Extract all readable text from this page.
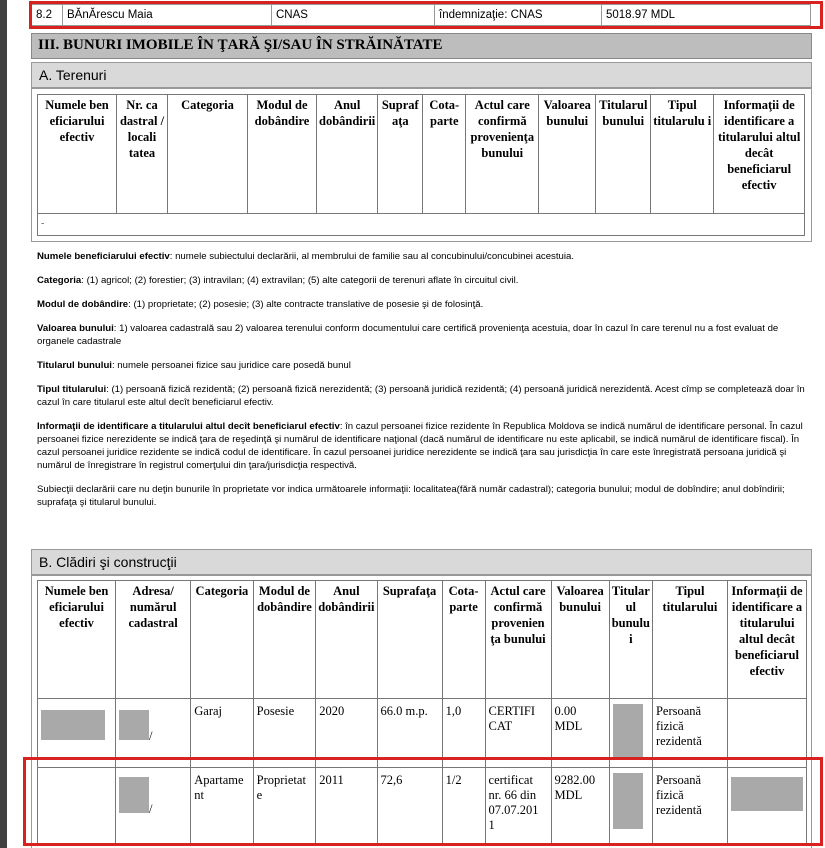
8.2	BĂnĂrescu Maia	CNAS	îndemnizaţie: CNAS	5018.97 MDL
III. BUNURI IMOBILE ÎN ŢARĂ ŞI/SAU ÎN STRĂINĂTATE
A. Terenuri
Numele ben eficiarului efectiv	Nr. ca dastral / locali tatea	Categoria	Modul de dobândire	Anul dobândirii	Supraf aţa	Cota-parte	Actul care confirmă provenienţa bunului	Valoarea bunului	Titularul bunului	Tipul titularulu i	Informaţii de identificare a titularului altul decât beneficiarul efectiv
-

Numele beneficiarului efectiv: numele subiectului declarării, al membrului de familie sau al concubinului/concubinei acestuia.

Categoria: (1) agricol; (2) forestier; (3) intravilan; (4) extravilan; (5) alte categorii de terenuri aflate în circuitul civil.

Modul de dobândire: (1) proprietate; (2) posesie; (3) alte contracte translative de posesie şi de folosinţă.

Valoarea bunului: 1) valoarea cadastrală sau 2) valoarea terenului conform documentului care certifică provenienţa acestuia, doar în cazul în care terenul nu a fost evaluat de organele cadastrale

Titularul bunului: numele persoanei fizice sau juridice care posedă bunul

Tipul titularului: (1) persoană fizică rezidentă; (2) persoană fizică nerezidentă; (3) persoană juridică rezidentă; (4) persoană juridică nerezidentă. Acest cîmp se completează doar în cazul în care titularul este altul decît beneficiarul efectiv.

Informaţii de identificare a titularului altul decît beneficiarul efectiv: în cazul persoanei fizice rezidente în Republica Moldova se indică numărul de identificare personal. În cazul persoanei fizice nerezidente se indică ţara de reşedinţă şi numărul de identificare naţional (dacă numărul de identificare nu este aplicabil, se indică numărul de identificare fiscal). În cazul persoanei juridice rezidente se indică codul de identificare. În cazul persoanei juridice nerezidente se indică ţara sau jurisdicţia în care este înregistrată persoana juridică şi numărul de înregistrare în registrul comerţului din ţara/jurisdicţia respectivă.

Subiecţii declarării care nu deţin bunurile în proprietate vor indica următoarele informaţii: localitatea(fără număr cadastral); categoria bunului; modul de dobîndire; anul dobîndirii; suprafaţa şi titularul bunului.

B. Clădiri şi construcţii
Numele ben eficiarului efectiv	Adresa/ numărul cadastral	Categoria	Modul de dobândire	Anul dobândirii	Suprafaţa	Cota-parte	Actul care confirmă provenien ţa bunului	Valoarea bunului	Titular ul bunulu i	Tipul titularului	Informaţii de identificare a titularului altul decât beneficiarul efectiv
	/	Garaj	Posesie	2020	66.0 m.p.	1,0	CERTIFI CAT	0.00 MDL		Persoană fizică rezidentă	
	/	Apartame nt	Proprietat e	2011	72,6	1/2	certificat nr. 66 din 07.07.201 1	9282.00 MDL		Persoană fizică rezidentă	
